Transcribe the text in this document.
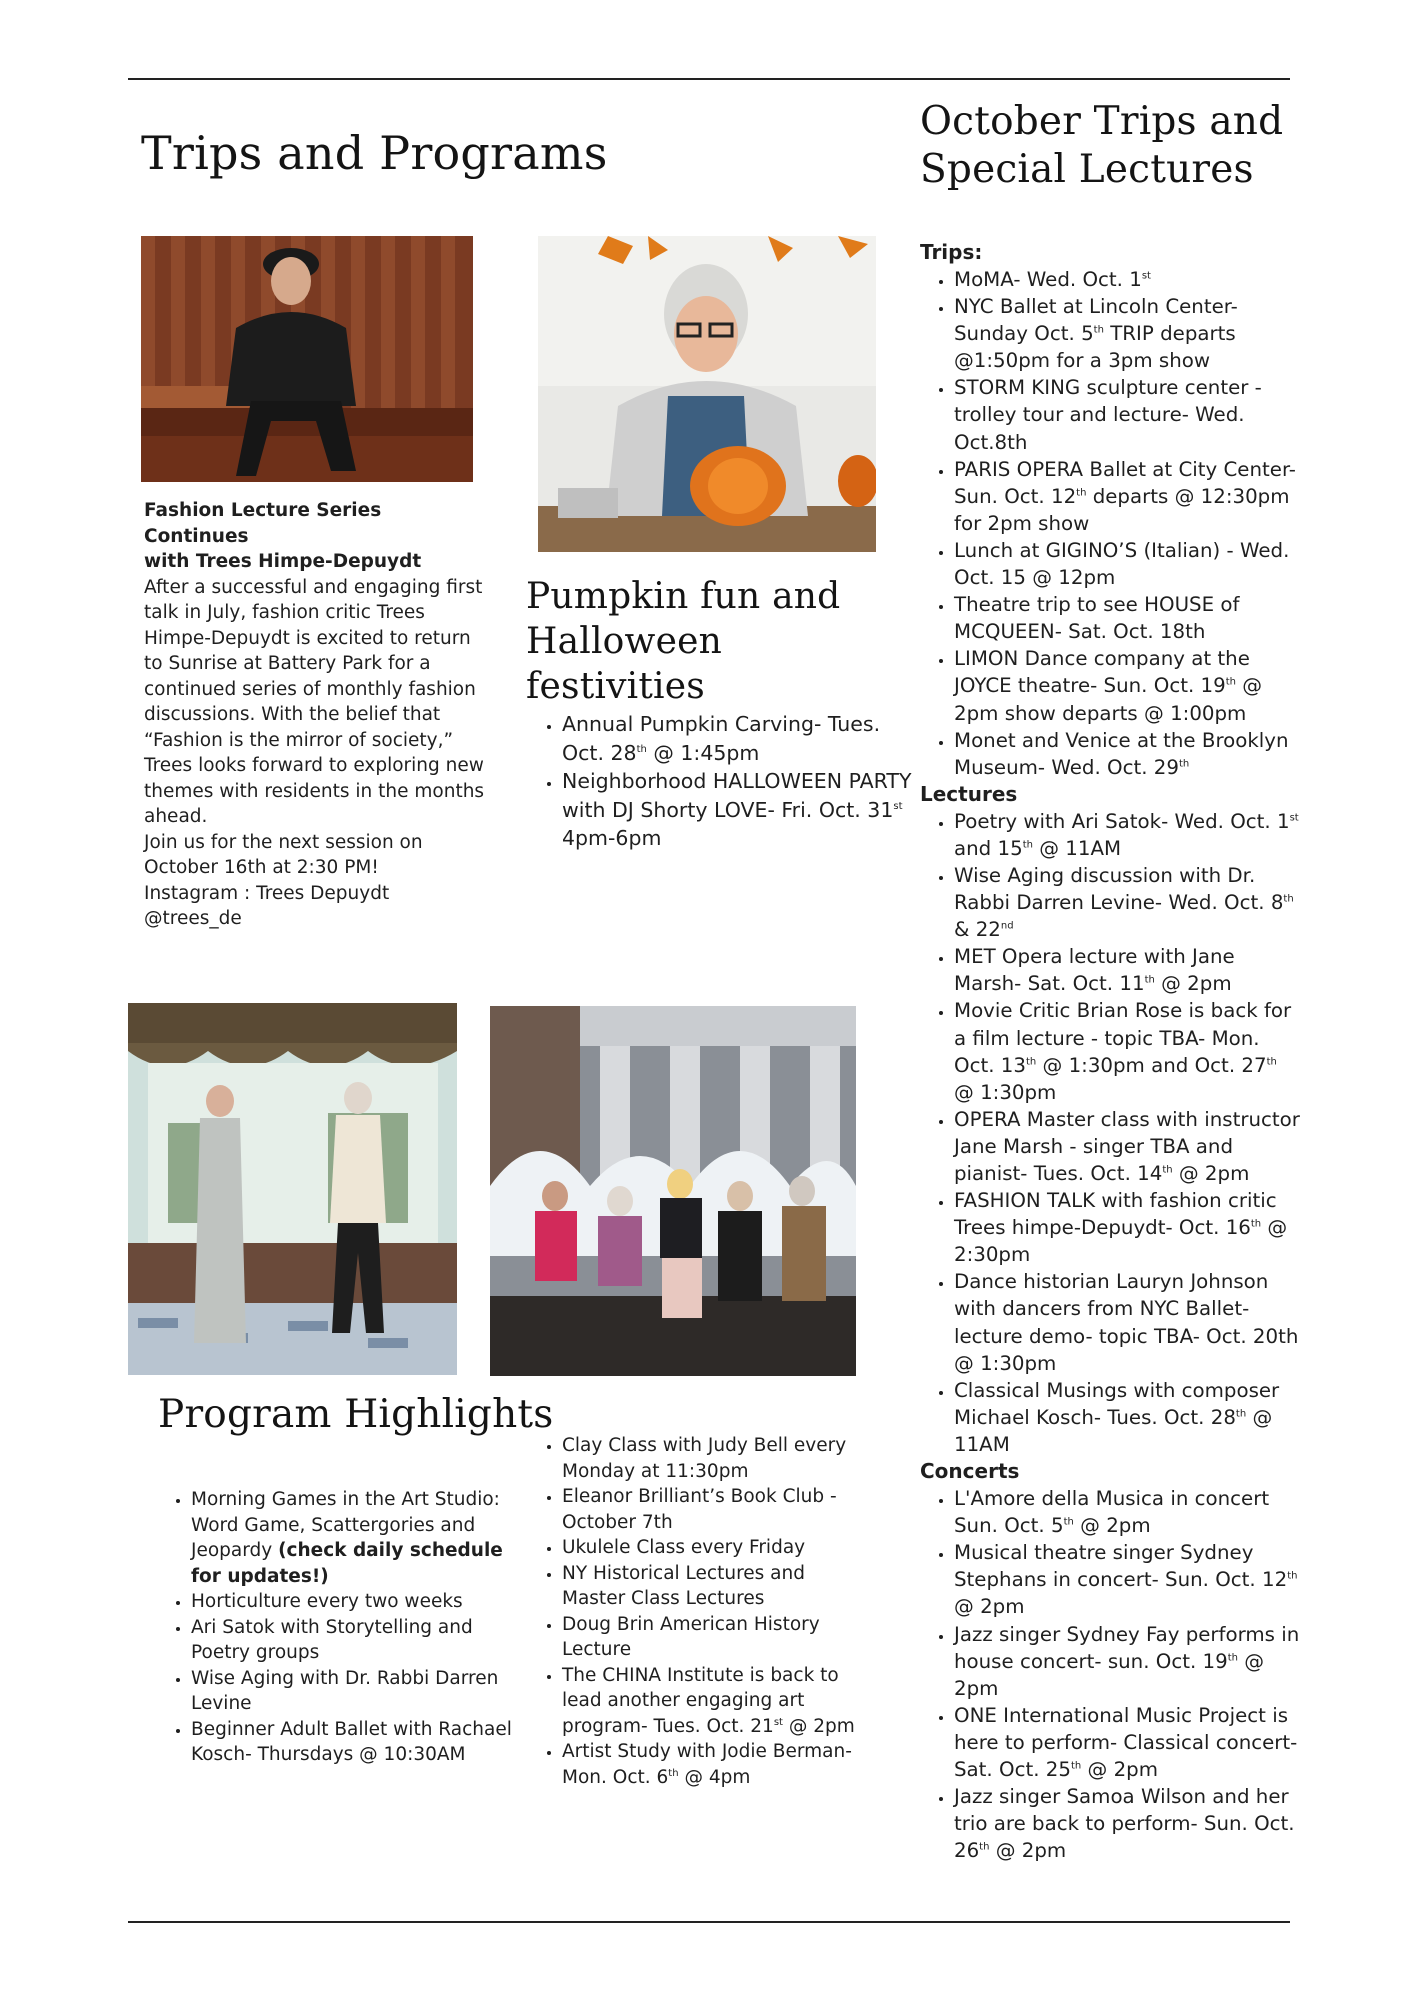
Trips and Programs
Fashion Lecture Series Continues
with Trees Himpe-Depuydt
After a successful and engaging first talk in July, fashion critic Trees Himpe-Depuydt is excited to return to Sunrise at Battery Park for a continued series of monthly fashion discussions. With the belief that “Fashion is the mirror of society,” Trees looks forward to exploring new themes with residents in the months ahead.
Join us for the next session on October 16th at 2:30 PM!
Instagram : Trees Depuydt @trees_de
Pumpkin fun and Halloween festivities
• Annual Pumpkin Carving- Tues. Oct. 28th @ 1:45pm
• Neighborhood HALLOWEEN PARTY with DJ Shorty LOVE- Fri. Oct. 31st 4pm-6pm
Program Highlights
• Morning Games in the Art Studio: Word Game, Scattergories and Jeopardy (check daily schedule for updates!)
• Horticulture every two weeks
• Ari Satok with Storytelling and Poetry groups
• Wise Aging with Dr. Rabbi Darren Levine
• Beginner Adult Ballet with Rachael Kosch- Thursdays @ 10:30AM
• Clay Class with Judy Bell every Monday at 11:30pm
• Eleanor Brilliant’s Book Club - October 7th
• Ukulele Class every Friday
• NY Historical Lectures and Master Class Lectures
• Doug Brin American History Lecture
• The CHINA Institute is back to lead another engaging art program- Tues. Oct. 21st @ 2pm
• Artist Study with Jodie Berman- Mon. Oct. 6th @ 4pm
October Trips and
Special Lectures

Trips:

• MoMA- Wed. Oct. 1st
• NYC Ballet at Lincoln Center- Sunday Oct. 5th TRIP departs @1:50pm for a 3pm show
• STORM KING sculpture center - trolley tour and lecture- Wed. Oct.8th
• PARIS OPERA Ballet at City Center- Sun. Oct. 12th departs @ 12:30pm for 2pm show
• Lunch at GIGINO’S (Italian) - Wed. Oct. 15 @ 12pm
• Theatre trip to see HOUSE of MCQUEEN- Sat. Oct. 18th
• LIMON Dance company at the JOYCE theatre- Sun. Oct. 19th @ 2pm show departs @ 1:00pm
• Monet and Venice at the Brooklyn Museum- Wed. Oct. 29th

Lectures

• Poetry with Ari Satok- Wed. Oct. 1st and 15th @ 11AM
• Wise Aging discussion with Dr. Rabbi Darren Levine- Wed. Oct. 8th & 22nd
• MET Opera lecture with Jane Marsh- Sat. Oct. 11th @ 2pm
• Movie Critic Brian Rose is back for a film lecture - topic TBA- Mon. Oct. 13th @ 1:30pm and Oct. 27th @ 1:30pm
• OPERA Master class with instructor Jane Marsh - singer TBA and pianist- Tues. Oct. 14th @ 2pm
• FASHION TALK with fashion critic Trees himpe-Depuydt- Oct. 16th @ 2:30pm
• Dance historian Lauryn Johnson with dancers from NYC Ballet- lecture demo- topic TBA- Oct. 20th @ 1:30pm
• Classical Musings with composer Michael Kosch- Tues. Oct. 28th @ 11AM

Concerts

• L'Amore della Musica in concert Sun. Oct. 5th @ 2pm
• Musical theatre singer Sydney Stephans in concert- Sun. Oct. 12th @ 2pm
• Jazz singer Sydney Fay performs in house concert- sun. Oct. 19th @ 2pm
• ONE International Music Project is here to perform- Classical concert- Sat. Oct. 25th @ 2pm
• Jazz singer Samoa Wilson and her trio are back to perform- Sun. Oct. 26th @ 2pm
